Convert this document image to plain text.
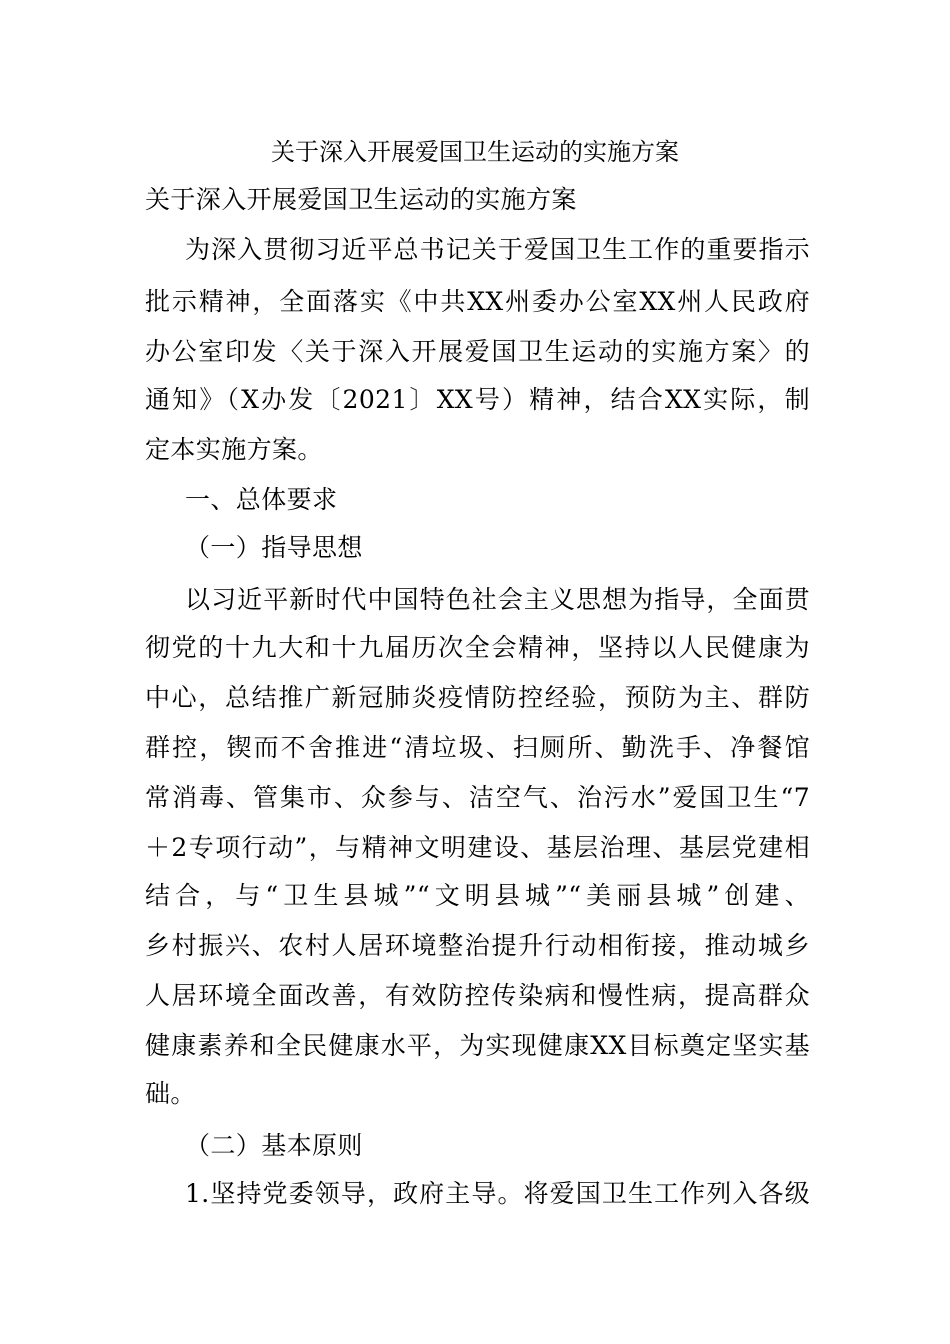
关于深入开展爱国卫生运动的实施方案
关于深入开展爱国卫生运动的实施方案
为深入贯彻习近平总书记关于爱国卫生工作的重要指示
批示精神，全面落实《中共XX州委办公室XX州人民政府
办公室印发〈关于深入开展爱国卫生运动的实施方案〉的
通知》（X办发〔2021〕XX号）精神，结合XX实际，制
定本实施方案。
一、总体要求
（一）指导思想
以习近平新时代中国特色社会主义思想为指导，全面贯
彻党的十九大和十九届历次全会精神，坚持以人民健康为
中心，总结推广新冠肺炎疫情防控经验，预防为主、群防
群控，锲而不舍推进“清垃圾、扫厕所、勤洗手、净餐馆
常消毒、管集市、众参与、洁空气、治污水”爱国卫生“7
＋2专项行动”，与精神文明建设、基层治理、基层党建相
结合，与“卫生县城”“文明县城”“美丽县城”创建、
乡村振兴、农村人居环境整治提升行动相衔接，推动城乡
人居环境全面改善，有效防控传染病和慢性病，提高群众
健康素养和全民健康水平，为实现健康XX目标奠定坚实基
础。
（二）基本原则
1.坚持党委领导，政府主导。将爱国卫生工作列入各级
